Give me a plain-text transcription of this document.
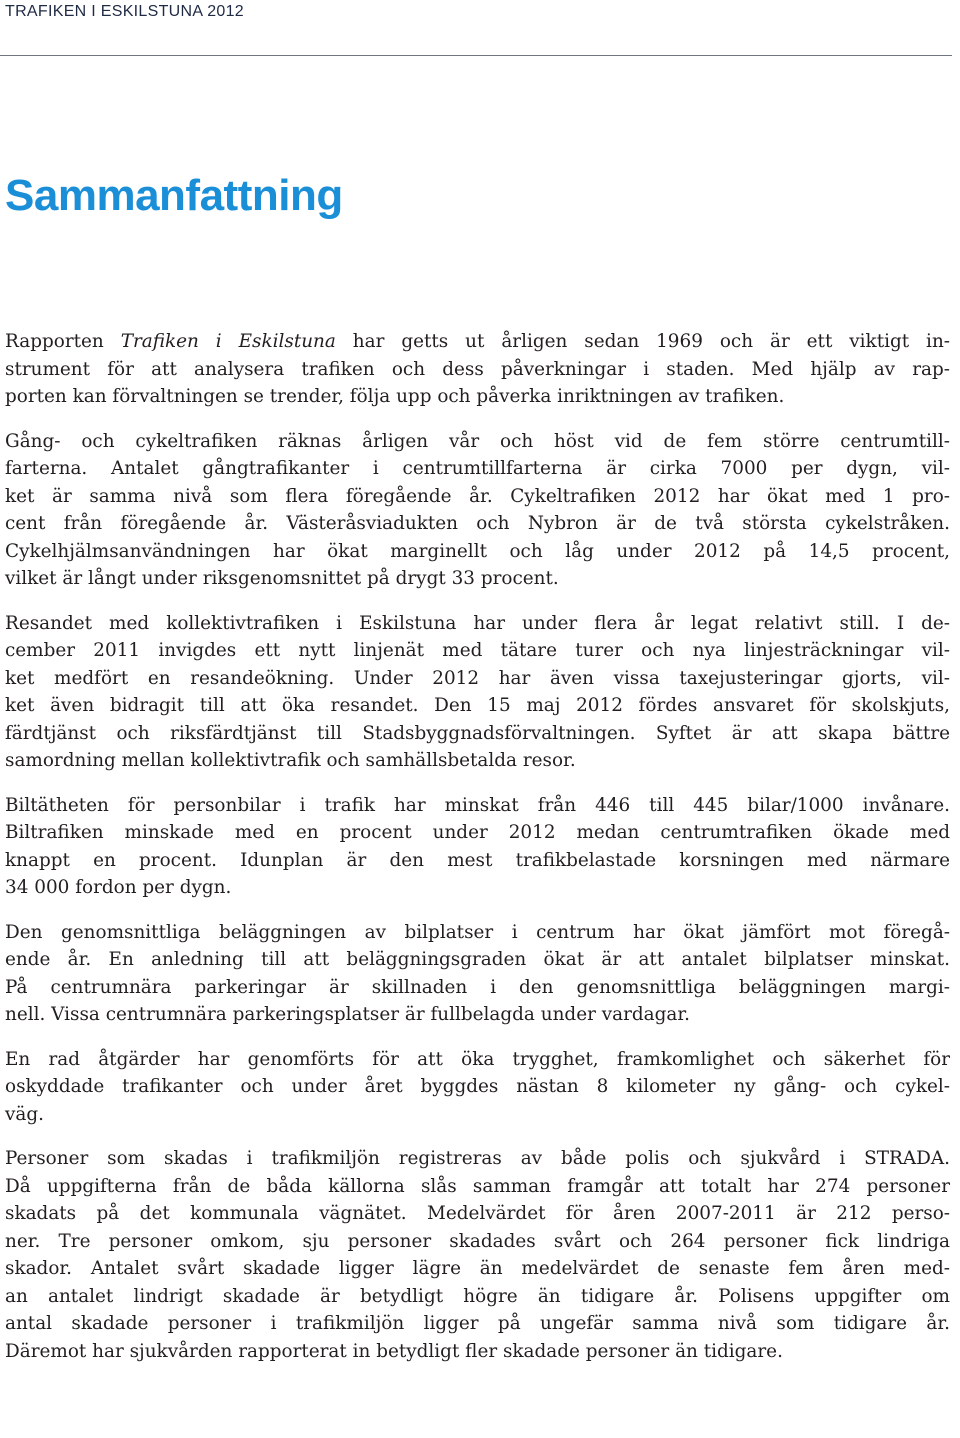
TRAFIKEN I ESKILSTUNA 2012
Sammanfattning
Rapporten Trafiken i Eskilstuna har getts ut årligen sedan 1969 och är ett viktigt in-
strument för att analysera trafiken och dess påverkningar i staden. Med hjälp av rap-
porten kan förvaltningen se trender, följa upp och påverka inriktningen av trafiken.
Gång- och cykeltrafiken räknas årligen vår och höst vid de fem större centrumtill-
farterna. Antalet gångtrafikanter i centrumtillfarterna är cirka 7000 per dygn, vil-
ket är samma nivå som flera föregående år. Cykeltrafiken 2012 har ökat med 1 pro-
cent från föregående år. Västeråsviadukten och Nybron är de två största cykelstråken.
Cykelhjälmsanvändningen har ökat marginellt och låg under 2012 på 14,5 procent,
vilket är långt under riksgenomsnittet på drygt 33 procent.
Resandet med kollektivtrafiken i Eskilstuna har under flera år legat relativt still. I de-
cember 2011 invigdes ett nytt linjenät med tätare turer och nya linjesträckningar vil-
ket medfört en resandeökning. Under 2012 har även vissa taxejusteringar gjorts, vil-
ket även bidragit till att öka resandet. Den 15 maj 2012 fördes ansvaret för skolskjuts,
färdtjänst och riksfärdtjänst till Stadsbyggnadsförvaltningen. Syftet är att skapa bättre
samordning mellan kollektivtrafik och samhällsbetalda resor.
Biltätheten för personbilar i trafik har minskat från 446 till 445 bilar/1000 invånare.
Biltrafiken minskade med en procent under 2012 medan centrumtrafiken ökade med
knappt en procent. Idunplan är den mest trafikbelastade korsningen med närmare
34 000 fordon per dygn.
Den genomsnittliga beläggningen av bilplatser i centrum har ökat jämfört mot föregå-
ende år. En anledning till att beläggningsgraden ökat är att antalet bilplatser minskat.
På centrumnära parkeringar är skillnaden i den genomsnittliga beläggningen margi-
nell. Vissa centrumnära parkeringsplatser är fullbelagda under vardagar.
En rad åtgärder har genomförts för att öka trygghet, framkomlighet och säkerhet för
oskyddade trafikanter och under året byggdes nästan 8 kilometer ny gång- och cykel-
väg.
Personer som skadas i trafikmiljön registreras av både polis och sjukvård i STRADA.
Då uppgifterna från de båda källorna slås samman framgår att totalt har 274 personer
skadats på det kommunala vägnätet. Medelvärdet för åren 2007-2011 är 212 perso-
ner. Tre personer omkom, sju personer skadades svårt och 264 personer fick lindriga
skador. Antalet svårt skadade ligger lägre än medelvärdet de senaste fem åren med-
an antalet lindrigt skadade är betydligt högre än tidigare år. Polisens uppgifter om
antal skadade personer i trafikmiljön ligger på ungefär samma nivå som tidigare år.
Däremot har sjukvården rapporterat in betydligt fler skadade personer än tidigare.
